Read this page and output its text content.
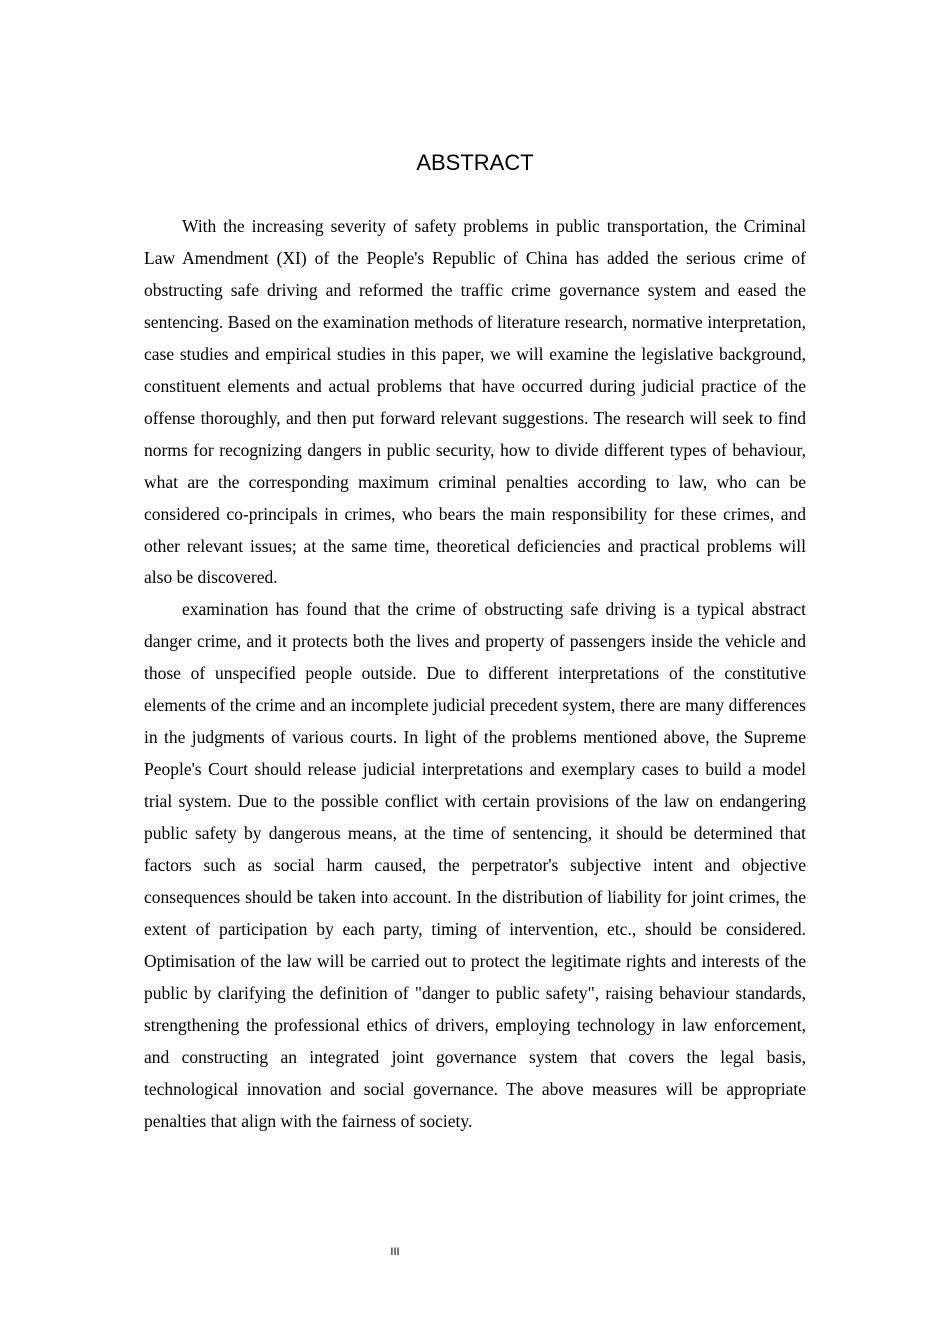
ABSTRACT

With the increasing severity of safety problems in public transportation, the Criminal Law Amendment (XI) of the People's Republic of China has added the serious crime of obstructing safe driving and reformed the traffic crime governance system and eased the sentencing. Based on the examination methods of literature research, normative interpretation, case studies and empirical studies in this paper, we will examine the legislative background, constituent elements and actual problems that have occurred during judicial practice of the offense thoroughly, and then put forward relevant suggestions. The research will seek to find norms for recognizing dangers in public security, how to divide different types of behaviour, what are the corresponding maximum criminal penalties according to law, who can be considered co-principals in crimes, who bears the main responsibility for these crimes, and other relevant issues; at the same time, theoretical deficiencies and practical problems will also be discovered.

examination has found that the crime of obstructing safe driving is a typical abstract danger crime, and it protects both the lives and property of passengers inside the vehicle and those of unspecified people outside. Due to different interpretations of the constitutive elements of the crime and an incomplete judicial precedent system, there are many differences in the judgments of various courts. In light of the problems mentioned above, the Supreme People's Court should release judicial interpretations and exemplary cases to build a model trial system. Due to the possible conflict with certain provisions of the law on endangering public safety by dangerous means, at the time of sentencing, it should be determined that factors such as social harm caused, the perpetrator's subjective intent and objective consequences should be taken into account. In the distribution of liability for joint crimes, the extent of participation by each party, timing of intervention, etc., should be considered. Optimisation of the law will be carried out to protect the legitimate rights and interests of the public by clarifying the definition of "danger to public safety", raising behaviour standards, strengthening the professional ethics of drivers, employing technology in law enforcement, and constructing an integrated joint governance system that covers the legal basis, technological innovation and social governance. The above measures will be appropriate penalties that align with the fairness of society.

III
